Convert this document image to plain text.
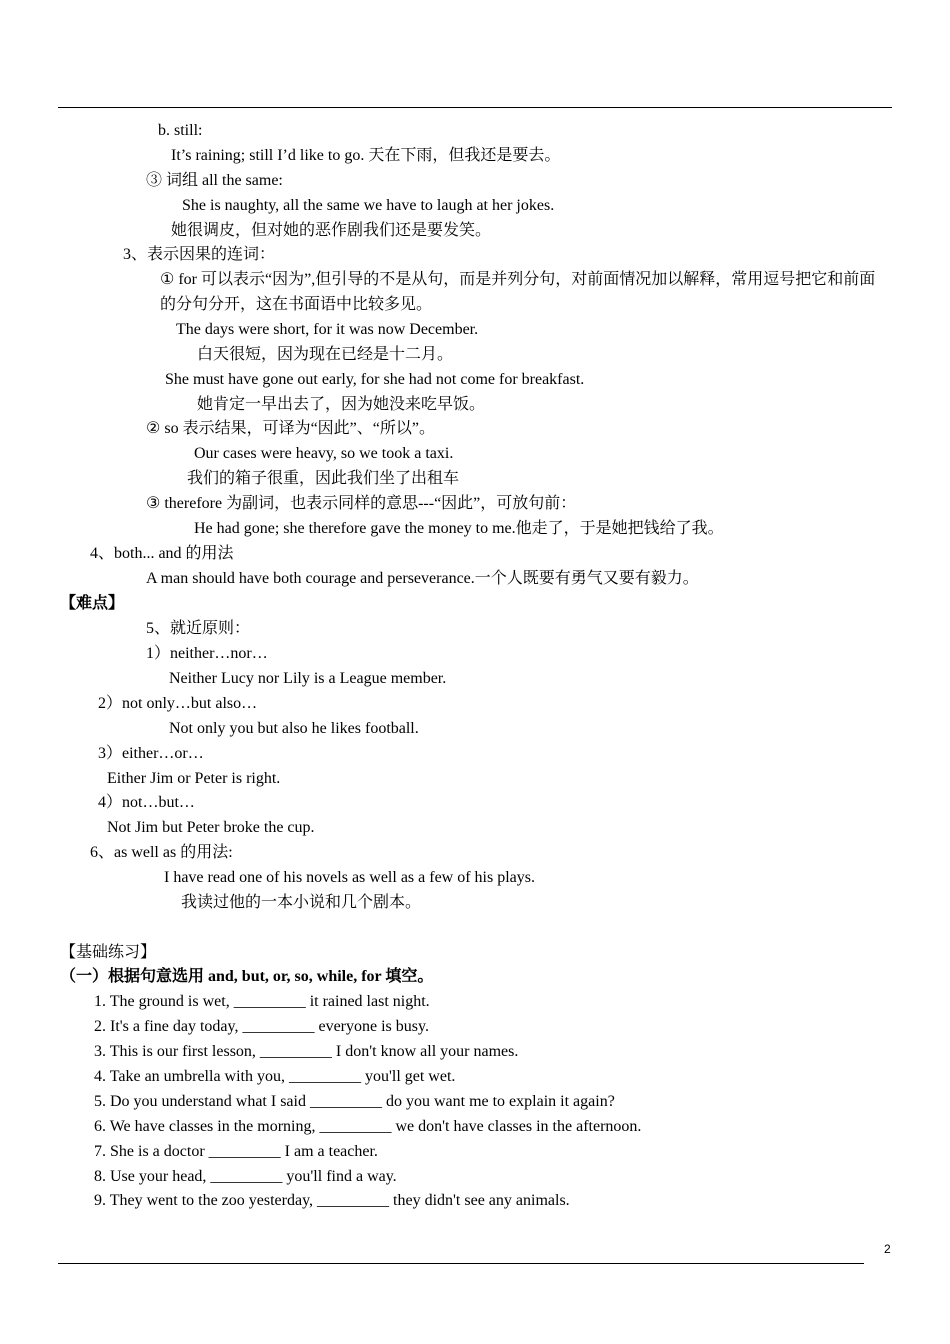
b. still:
It’s raining; still I’d like to go. 天在下雨，但我还是要去。
③ 词组 all the same:
She is naughty, all the same we have to laugh at her jokes.
她很调皮，但对她的恶作剧我们还是要发笑。
3、表示因果的连词：
① for 可以表示“因为”,但引导的不是从句，而是并列分句，对前面情况加以解释，常用逗号把它和前面
的分句分开，这在书面语中比较多见。
The days were short, for it was now December.
白天很短，因为现在已经是十二月。
She must have gone out early, for she had not come for breakfast.
她肯定一早出去了，因为她没来吃早饭。
② so 表示结果，可译为“因此”、“所以”。
Our cases were heavy, so we took a taxi.
我们的箱子很重，因此我们坐了出租车
③ therefore 为副词，也表示同样的意思---“因此”，可放句前：
He had gone; she therefore gave the money to me.他走了，于是她把钱给了我。
4、both... and 的用法
A man should have both courage and perseverance.一个人既要有勇气又要有毅力。
【难点】
5、就近原则：
1）neither…nor…
Neither Lucy nor Lily is a League member.
2）not only…but also…
Not only you but also he likes football.
3）either…or…
Either Jim or Peter is right.
4）not…but…
Not Jim but Peter broke the cup.
6、as well as 的用法:
I have read one of his novels as well as a few of his plays.
我读过他的一本小说和几个剧本。
【基础练习】
（一）根据句意选用 and, but, or, so, while, for 填空。
1. The ground is wet, _________ it rained last night.
2. It's a fine day today, _________ everyone is busy.
3. This is our first lesson, _________ I don't know all your names.
4. Take an umbrella with you, _________ you'll get wet.
5. Do you understand what I said _________ do you want me to explain it again?
6. We have classes in the morning, _________ we don't have classes in the afternoon.
7. She is a doctor _________ I am a teacher.
8. Use your head, _________ you'll find a way.
9. They went to the zoo yesterday, _________ they didn't see any animals.
2
